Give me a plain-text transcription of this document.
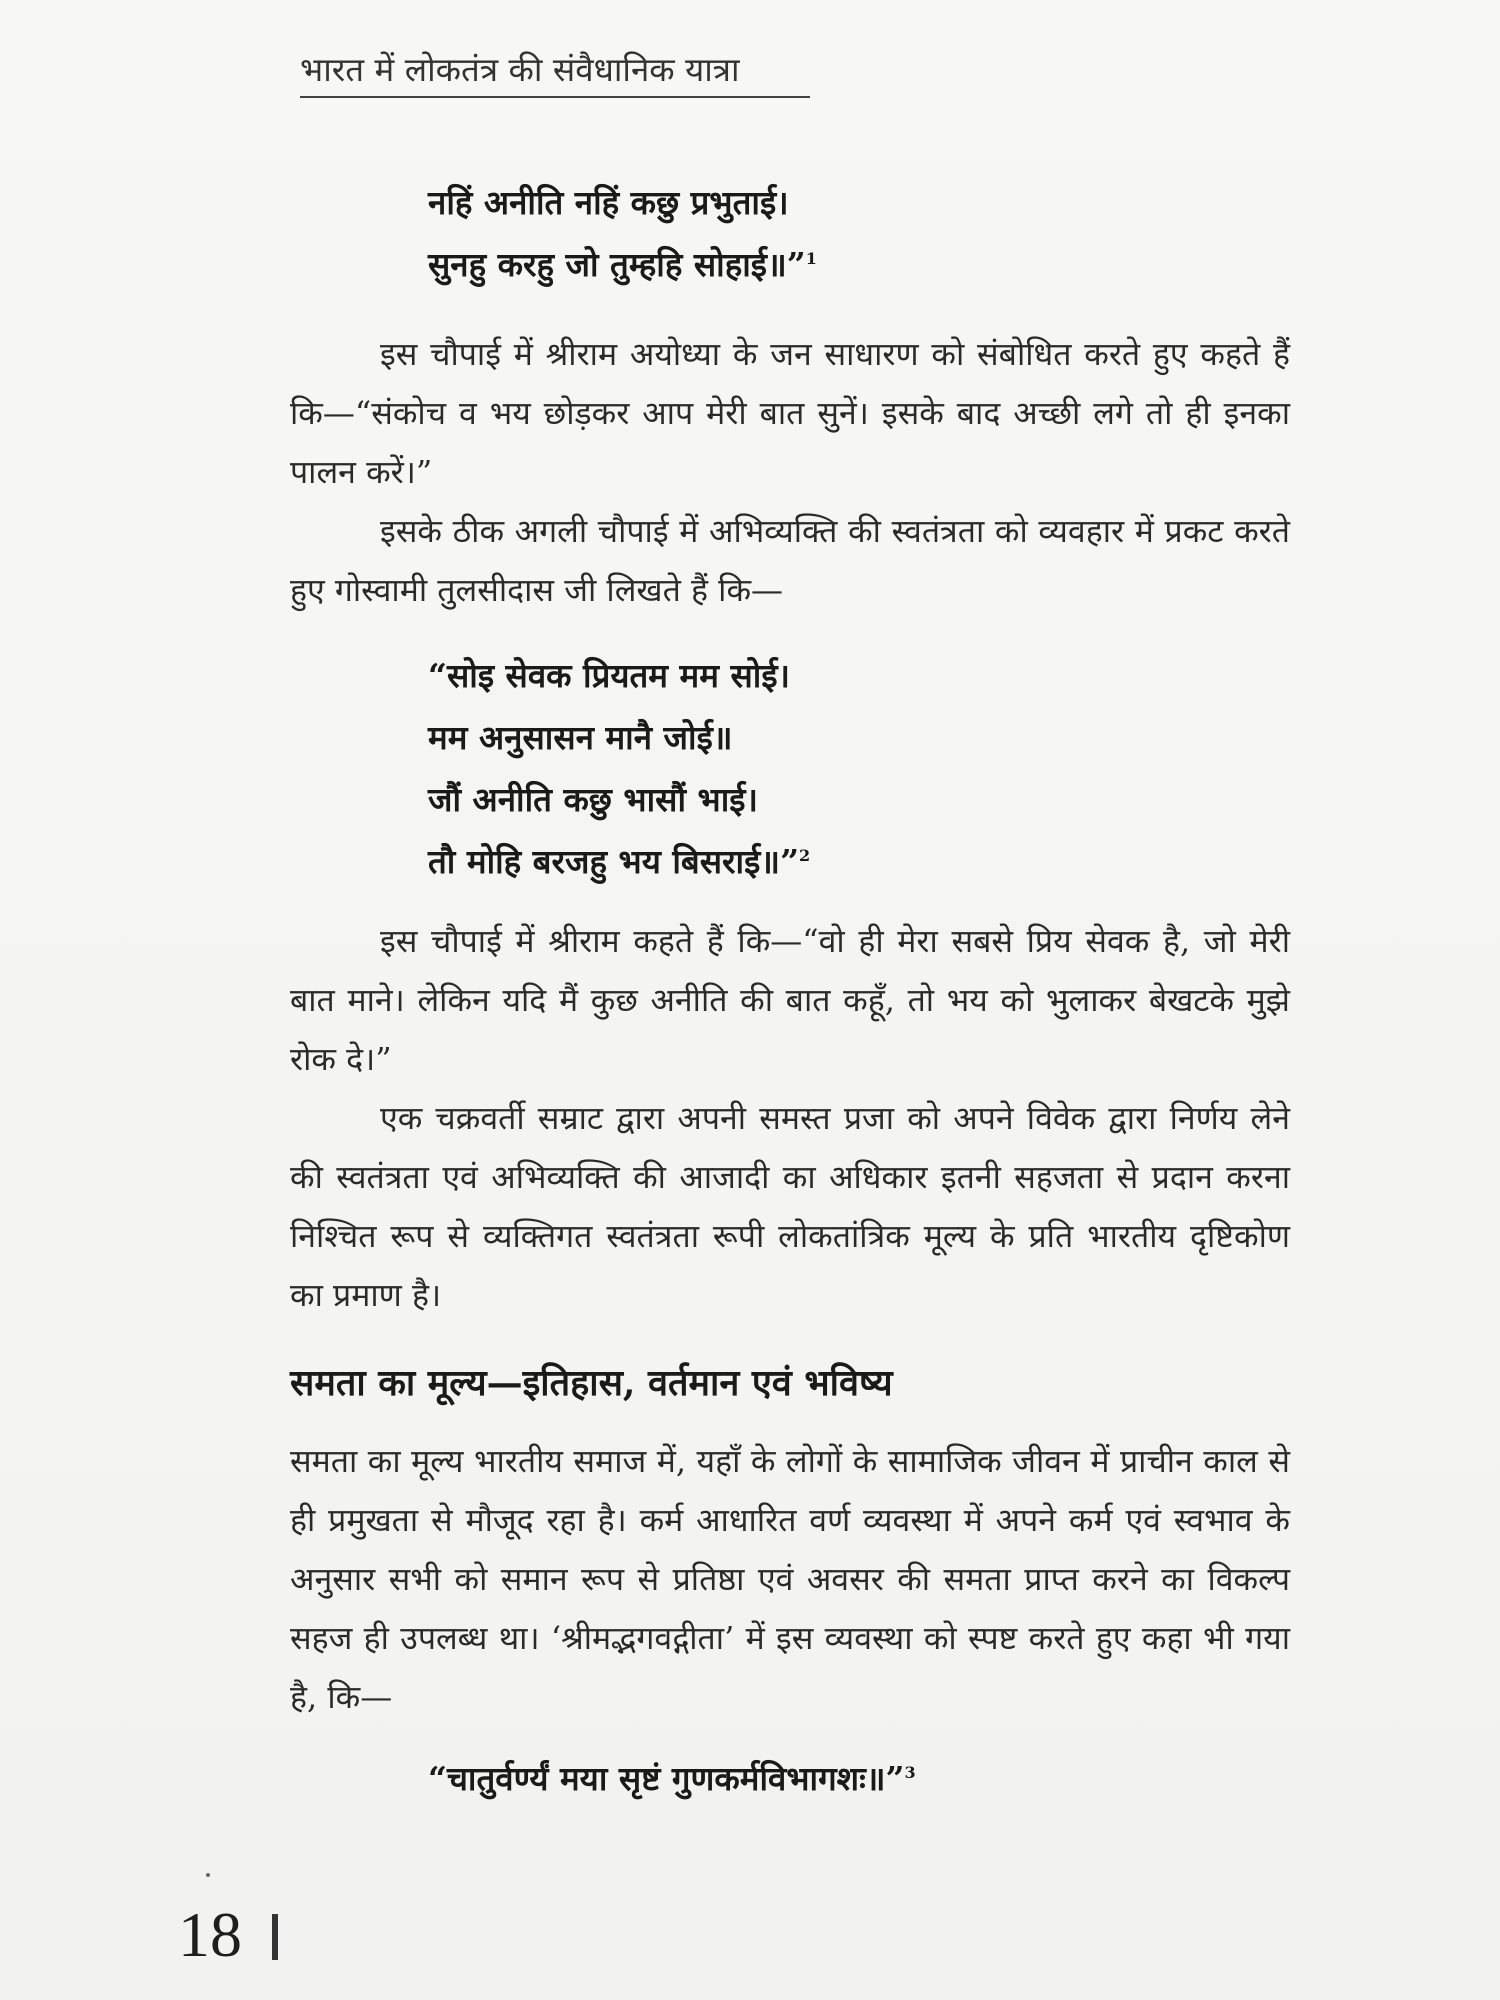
भारत में लोकतंत्र की संवैधानिक यात्रा
नहिं अनीति नहिं कछु प्रभुताई।
सुनहु करहु जो तुम्हहि सोहाई॥”$^1$
इस चौपाई में श्रीराम अयोध्या के जन साधारण को संबोधित करते हुए कहते हैं कि—“संकोच व भय छोड़कर आप मेरी बात सुनें। इसके बाद अच्छी लगे तो ही इनका पालन करें।”
इसके ठीक अगली चौपाई में अभिव्यक्ति की स्वतंत्रता को व्यवहार में प्रकट करते हुए गोस्वामी तुलसीदास जी लिखते हैं कि—
“सोइ सेवक प्रियतम मम सोई।
मम अनुसासन मानै जोई॥
जौं अनीति कछु भासौं भाई।
तौ मोहि बरजहु भय बिसराई॥”$^2$
इस चौपाई में श्रीराम कहते हैं कि—“वो ही मेरा सबसे प्रिय सेवक है, जो मेरी बात माने। लेकिन यदि मैं कुछ अनीति की बात कहूँ, तो भय को भुलाकर बेखटके मुझे रोक दे।”
एक चक्रवर्ती सम्राट द्वारा अपनी समस्त प्रजा को अपने विवेक द्वारा निर्णय लेने की स्वतंत्रता एवं अभिव्यक्ति की आजादी का अधिकार इतनी सहजता से प्रदान करना निश्चित रूप से व्यक्तिगत स्वतंत्रता रूपी लोकतांत्रिक मूल्य के प्रति भारतीय दृष्टिकोण का प्रमाण है।
समता का मूल्य—इतिहास, वर्तमान एवं भविष्य
समता का मूल्य भारतीय समाज में, यहाँ के लोगों के सामाजिक जीवन में प्राचीन काल से ही प्रमुखता से मौजूद रहा है। कर्म आधारित वर्ण व्यवस्था में अपने कर्म एवं स्वभाव के अनुसार सभी को समान रूप से प्रतिष्ठा एवं अवसर की समता प्राप्त करने का विकल्प सहज ही उपलब्ध था। ‘श्रीमद्भगवद्गीता’ में इस व्यवस्था को स्पष्ट करते हुए कहा भी गया है, कि—
“चातुर्वर्ण्यं मया सृष्टं गुणकर्मविभागशः॥”$^3$
18
